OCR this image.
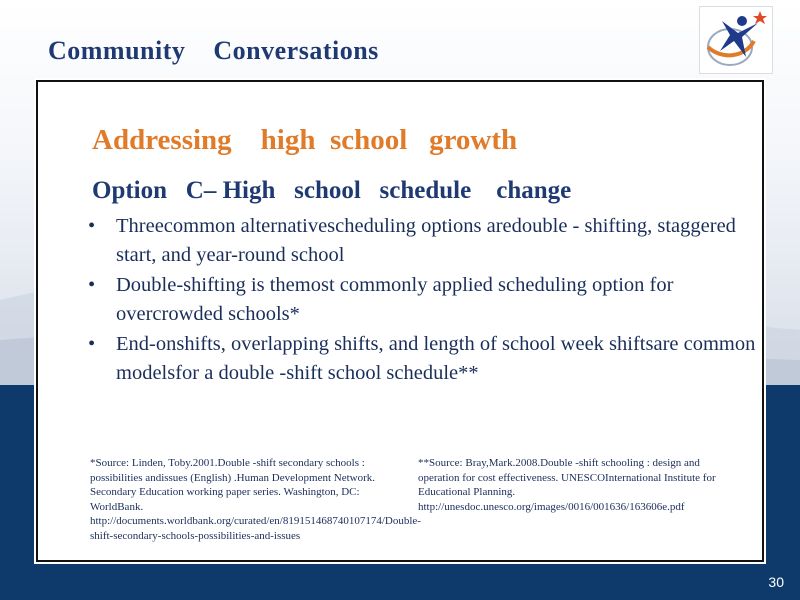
Community    Conversations
Addressing    high  school   growth
Option   C– High   school   schedule    change
•	Threecommon alternativescheduling options aredouble - shifting, staggered start, and year-round school
•	Double-shifting is themost commonly applied scheduling option for overcrowded schools*
•	End-onshifts, overlapping shifts, and length of school week shiftsare common modelsfor a double -shift school schedule**
*Source: Linden, Toby.2001.Double -shift secondary schools : possibilities andissues (English) .Human Development Network. Secondary Education working paper series. Washington, DC: WorldBank. http://documents.worldbank.org/curated/en/819151468740107174/Double-shift-secondary-schools-possibilities-and-issues
**Source: Bray,Mark.2008.Double -shift schooling : design and operation for cost effectiveness. UNESCOInternational Institute for Educational Planning. http://unesdoc.unesco.org/images/0016/001636/163606e.pdf
30
